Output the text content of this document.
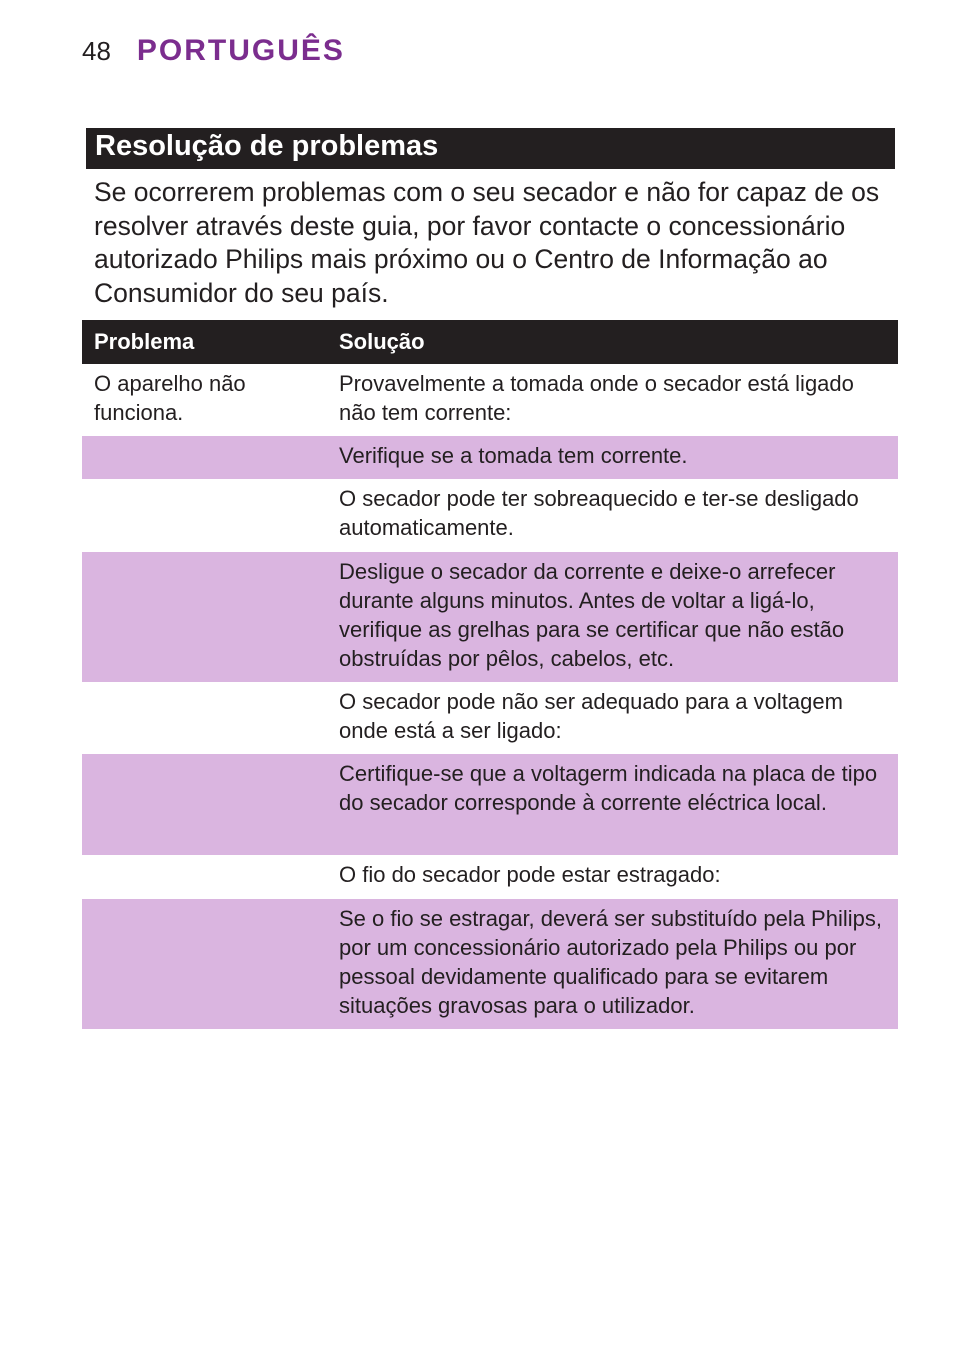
48 PORTUGUÊS
Resolução de problemas
Se ocorrerem problemas com o seu secador e não for capaz de os resolver através deste guia, por favor contacte o concessionário autorizado Philips mais próximo ou o Centro de Informação ao Consumidor do seu país.
Problema	Solução
O aparelho não funciona.
Provavelmente a tomada onde o secador está ligado não tem corrente:
Verifique se a tomada tem corrente.
O secador pode ter sobreaquecido e ter-se desligado automaticamente.
Desligue o secador da corrente e deixe-o arrefecer durante alguns minutos. Antes de voltar a ligá-lo, verifique as grelhas para se certificar que não estão obstruídas por pêlos, cabelos, etc.
O secador pode não ser adequado para a voltagem onde está a ser ligado:
Certifique-se que a voltagerm indicada na placa de tipo do secador corresponde à corrente eléctrica local.
O fio do secador pode estar estragado:
Se o fio se estragar, deverá ser substituído pela Philips, por um concessionário autorizado pela Philips ou por pessoal devidamente qualificado para se evitarem situações gravosas para o utilizador.
